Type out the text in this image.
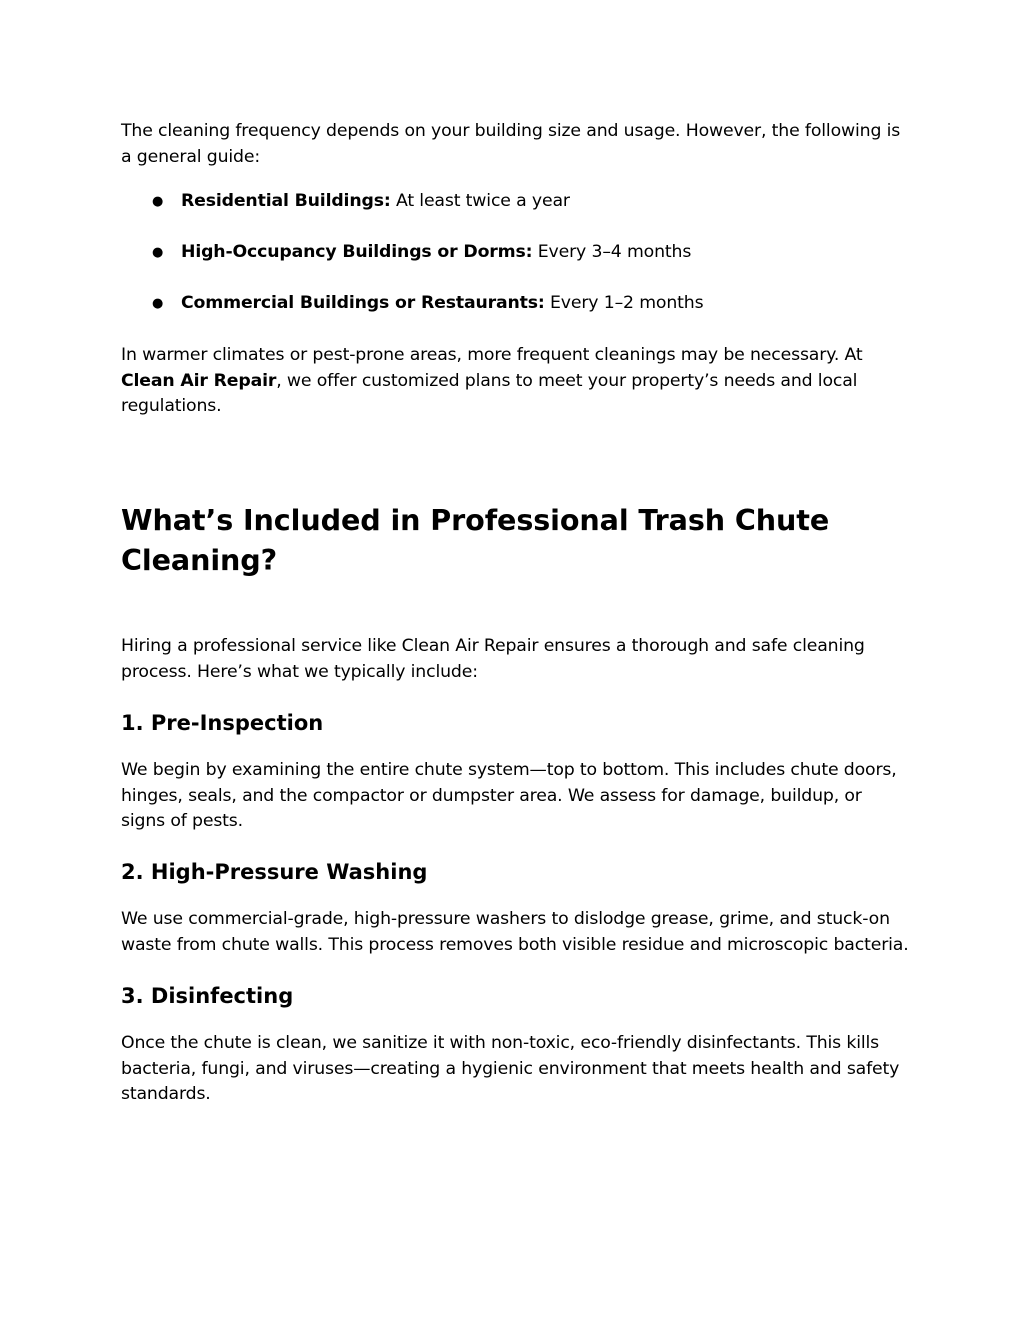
The cleaning frequency depends on your building size and usage. However, the following is a general guide:

● Residential Buildings: At least twice a year
● High-Occupancy Buildings or Dorms: Every 3–4 months
● Commercial Buildings or Restaurants: Every 1–2 months

In warmer climates or pest-prone areas, more frequent cleanings may be necessary. At Clean Air Repair, we offer customized plans to meet your property’s needs and local regulations.

What’s Included in Professional Trash Chute Cleaning?

Hiring a professional service like Clean Air Repair ensures a thorough and safe cleaning process. Here’s what we typically include:

1. Pre-Inspection

We begin by examining the entire chute system—top to bottom. This includes chute doors, hinges, seals, and the compactor or dumpster area. We assess for damage, buildup, or signs of pests.

2. High-Pressure Washing

We use commercial-grade, high-pressure washers to dislodge grease, grime, and stuck-on waste from chute walls. This process removes both visible residue and microscopic bacteria.

3. Disinfecting

Once the chute is clean, we sanitize it with non-toxic, eco-friendly disinfectants. This kills bacteria, fungi, and viruses—creating a hygienic environment that meets health and safety standards.
